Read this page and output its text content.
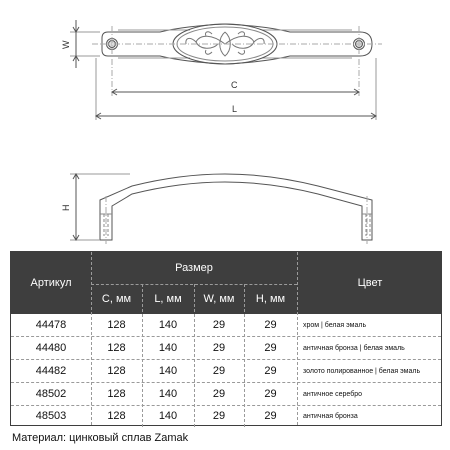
W
C
L
H
Артикул
Размер
Цвет
C, мм	L, мм	W, мм	H, мм
44478	128	140	29	29	хром | белая эмаль
44480	128	140	29	29	античная бронза | белая эмаль
44482	128	140	29	29	золото полированное | белая эмаль
48502	128	140	29	29	античное серебро
48503	128	140	29	29	античная бронза
Материал: цинковый сплав Zamak
